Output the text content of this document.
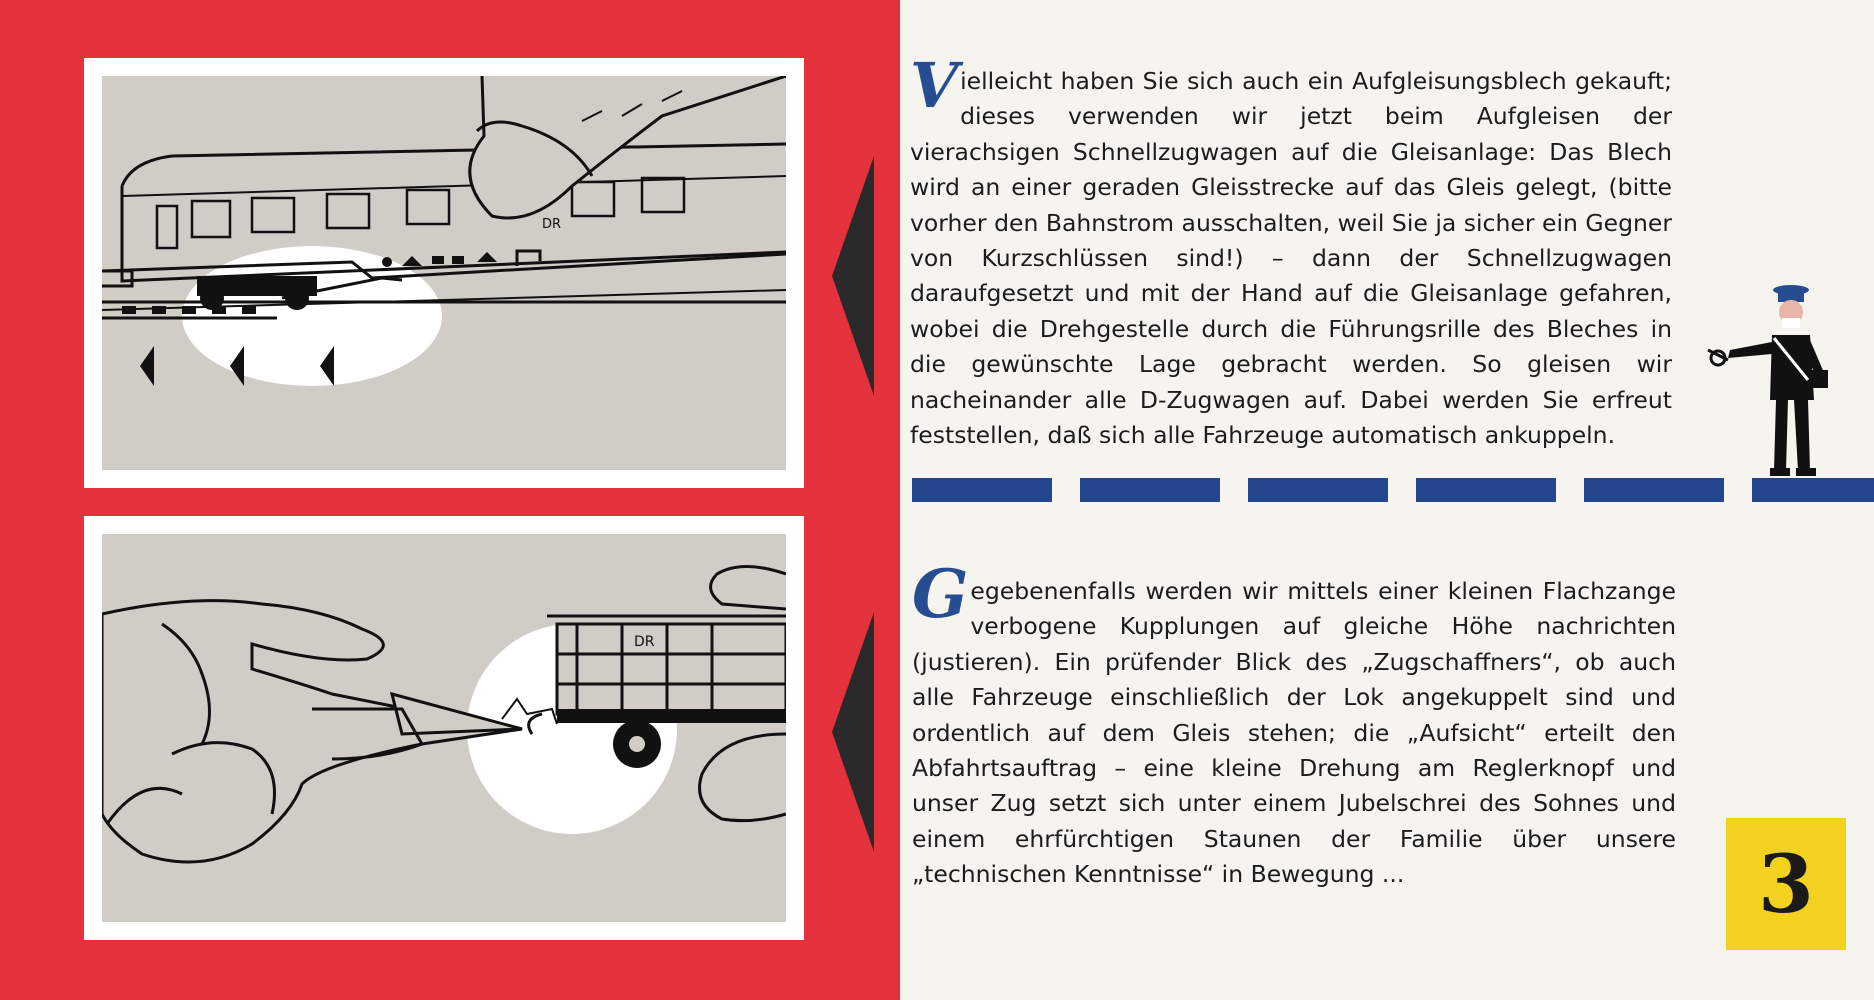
DR
DR
Vielleicht haben Sie sich auch ein Aufgleisungsblech gekauft; dieses verwenden wir jetzt beim Aufgleisen der vierachsigen Schnellzugwagen auf die Gleisanlage: Das Blech wird an einer geraden Gleisstrecke auf das Gleis gelegt, (bitte vorher den Bahnstrom ausschalten, weil Sie ja sicher ein Gegner von Kurzschlüssen sind!) – dann der Schnellzugwagen daraufgesetzt und mit der Hand auf die Gleisanlage gefahren, wobei die Drehgestelle durch die Führungsrille des Bleches in die gewünschte Lage gebracht werden. So gleisen wir nacheinander alle D-Zugwagen auf. Dabei werden Sie erfreut feststellen, daß sich alle Fahrzeuge automatisch ankuppeln.
Gegebenenfalls werden wir mittels einer kleinen Flachzange verbogene Kupplungen auf gleiche Höhe nachrichten (justieren). Ein prüfender Blick des „Zugschaffners“, ob auch alle Fahrzeuge einschließlich der Lok angekuppelt sind und ordentlich auf dem Gleis stehen; die „Aufsicht“ erteilt den Abfahrtsauftrag – eine kleine Drehung am Reglerknopf und unser Zug setzt sich unter einem Jubelschrei des Sohnes und einem ehrfürchtigen Staunen der Familie über unsere „technischen Kenntnisse“ in Bewegung ...	3
